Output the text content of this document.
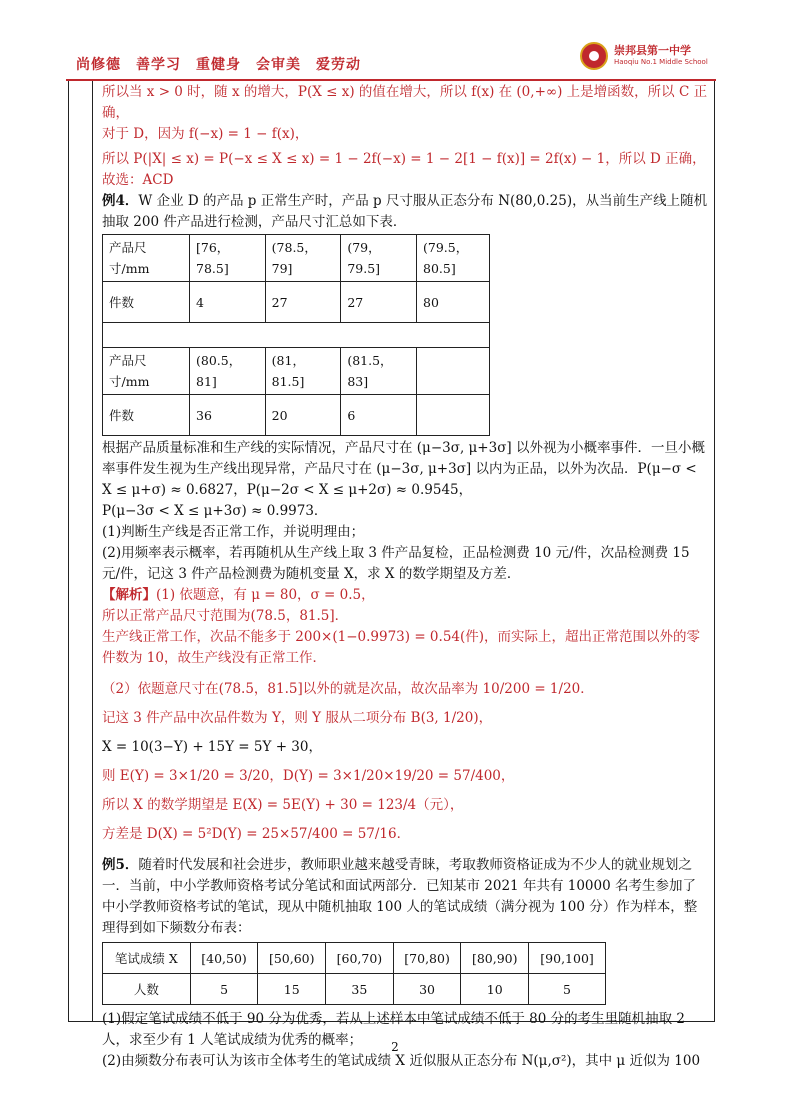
尚修德　善学习　重健身　会审美　爱劳动
崇邦县第一中学
Haoqiu No.1 Middle School

所以当 x > 0 时，随 x 的增大，P(X ≤ x) 的值在增大，所以 f(x) 在 (0,+∞) 上是增函数，所以 C 正确，

对于 D，因为 f(−x) = 1 − f(x)，

所以 P(|X| ≤ x) = P(−x ≤ X ≤ x) = 1 − 2f(−x) = 1 − 2[1 − f(x)] = 2f(x) − 1，所以 D 正确，

故选：ACD

例4．W 企业 D 的产品 p 正常生产时，产品 p 尺寸服从正态分布 N(80,0.25)，从当前生产线上随机抽取 200 件产品进行检测，产品尺寸汇总如下表．

产品尺寸/mm	[76，78.5]	(78.5，79]	(79，79.5]	(79.5，80.5]
件数	4	27	27	80

产品尺寸/mm	(80.5，81]	(81，81.5]	(81.5，83]	
件数	36	20	6	

根据产品质量标准和生产线的实际情况，产品尺寸在 (μ−3σ, μ+3σ] 以外视为小概率事件．一旦小概率事件发生视为生产线出现异常，产品尺寸在 (μ−3σ, μ+3σ] 以内为正品，以外为次品．P(μ−σ < X ≤ μ+σ) ≈ 0.6827，P(μ−2σ < X ≤ μ+2σ) ≈ 0.9545，

P(μ−3σ < X ≤ μ+3σ) ≈ 0.9973．

(1)判断生产线是否正常工作，并说明理由；

(2)用频率表示概率，若再随机从生产线上取 3 件产品复检，正品检测费 10 元/件，次品检测费 15 元/件，记这 3 件产品检测费为随机变量 X，求 X 的数学期望及方差．

【解析】(1) 依题意，有 μ = 80，σ = 0.5，

所以正常产品尺寸范围为(78.5，81.5]．

生产线正常工作，次品不能多于 200×(1−0.9973) = 0.54(件)，而实际上，超出正常范围以外的零件数为 10，故生产线没有正常工作．

（2）依题意尺寸在(78.5，81.5]以外的就是次品，故次品率为 10/200 = 1/20．

记这 3 件产品中次品件数为 Y，则 Y 服从二项分布 B(3, 1/20)，

X = 10(3−Y) + 15Y = 5Y + 30，

则 E(Y) = 3×1/20 = 3/20，D(Y) = 3×1/20×19/20 = 57/400，

所以 X 的数学期望是 E(X) = 5E(Y) + 30 = 123/4（元），

方差是 D(X) = 5²D(Y) = 25×57/400 = 57/16．

例5．随着时代发展和社会进步，教师职业越来越受青睐，考取教师资格证成为不少人的就业规划之一．当前，中小学教师资格考试分笔试和面试两部分．已知某市 2021 年共有 10000 名考生参加了中小学教师资格考试的笔试，现从中随机抽取 100 人的笔试成绩（满分视为 100 分）作为样本，整理得到如下频数分布表：

笔试成绩 X	[40,50)	[50,60)	[60,70)	[70,80)	[80,90)	[90,100]
人数	5	15	35	30	10	5

(1)假定笔试成绩不低于 90 分为优秀，若从上述样本中笔试成绩不低于 80 分的考生里随机抽取 2 人，求至少有 1 人笔试成绩为优秀的概率；

(2)由频数分布表可认为该市全体考生的笔试成绩 X 近似服从正态分布 N(μ,σ²)，其中 μ 近似为 100

2
